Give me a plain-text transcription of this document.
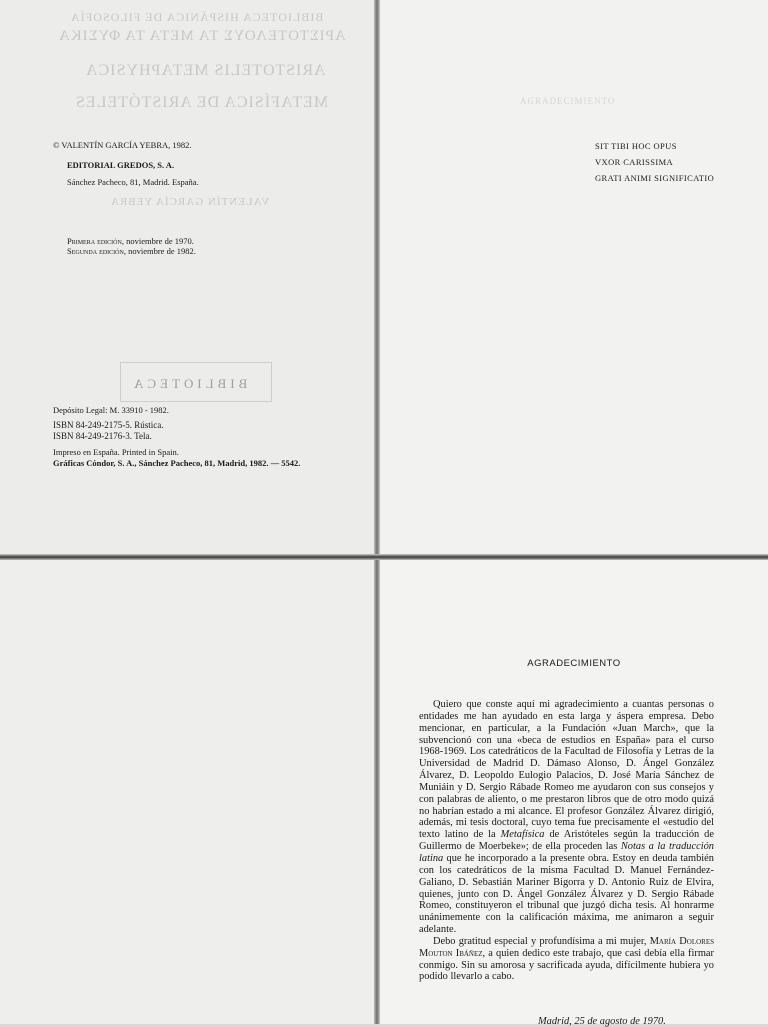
BIBLIOTECA HISPÁNICA DE FILOSOFÍA
ΑΡΙΣΤΟΤΕΛΟΥΣ ΤΑ ΜΕΤΑ ΤΑ ΦΥΣΙΚΑ
ARISTOTELIS METAPHYSICA
METAFÍSICA DE ARISTÓTELES
VALENTÍN GARCÍA YEBRA
BIBLIOTECA
AGRADECIMIENTO
© VALENTÍN GARCÍA YEBRA, 1982.
EDITORIAL GREDOS, S. A.
Sánchez Pacheco, 81, Madrid. España.
Primera edición, noviembre de 1970.
Segunda edición, noviembre de 1982.
Depósito Legal: M. 33910 - 1982.
ISBN 84-249-2175-5. Rústica.
ISBN 84-249-2176-3. Tela.
Impreso en España. Printed in Spain.
Gráficas Cóndor, S. A., Sánchez Pacheco, 81, Madrid, 1982. — 5542.
SIT TIBI HOC OPUS
VXOR CARISSIMA
GRATI ANIMI SIGNIFICATIO
AGRADECIMIENTO

Quiero que conste aquí mi agradecimiento a cuantas personas o entidades me han ayudado en esta larga y áspera empresa. Debo mencionar, en particular, a la Fundación «Juan March», que la subvencionó con una «beca de estudios en España» para el curso 1968-1969. Los catedráticos de la Facultad de Filosofía y Letras de la Universidad de Madrid D. Dámaso Alonso, D. Ángel González Álvarez, D. Leopoldo Eulogio Palacios, D. José María Sánchez de Muniáin y D. Sergio Rábade Romeo me ayudaron con sus consejos y con palabras de aliento, o me prestaron libros que de otro modo quizá no habrían estado a mi alcance. El profesor González Álvarez dirigió, además, mi tesis doctoral, cuyo tema fue precisamente el «estudio del texto latino de la Metafísica de Aristóteles según la traducción de Guillermo de Moerbeke»; de ella proceden las Notas a la traducción latina que he incorporado a la presente obra. Estoy en deuda también con los catedráticos de la misma Facultad D. Manuel Fernández-Galiano, D. Sebastián Mariner Bigorra y D. Antonio Ruiz de Elvira, quienes, junto con D. Ángel González Álvarez y D. Sergio Rábade Romeo, constituyeron el tribunal que juzgó dicha tesis. Al honrarme unánimemente con la calificación máxima, me animaron a seguir adelante.

Debo gratitud especial y profundísima a mi mujer, María Dolores Mouton Ibáñez, a quien dedico este trabajo, que casi debía ella firmar conmigo. Sin su amorosa y sacrificada ayuda, difícilmente hubiera yo podido llevarlo a cabo.

Madrid, 25 de agosto de 1970.
